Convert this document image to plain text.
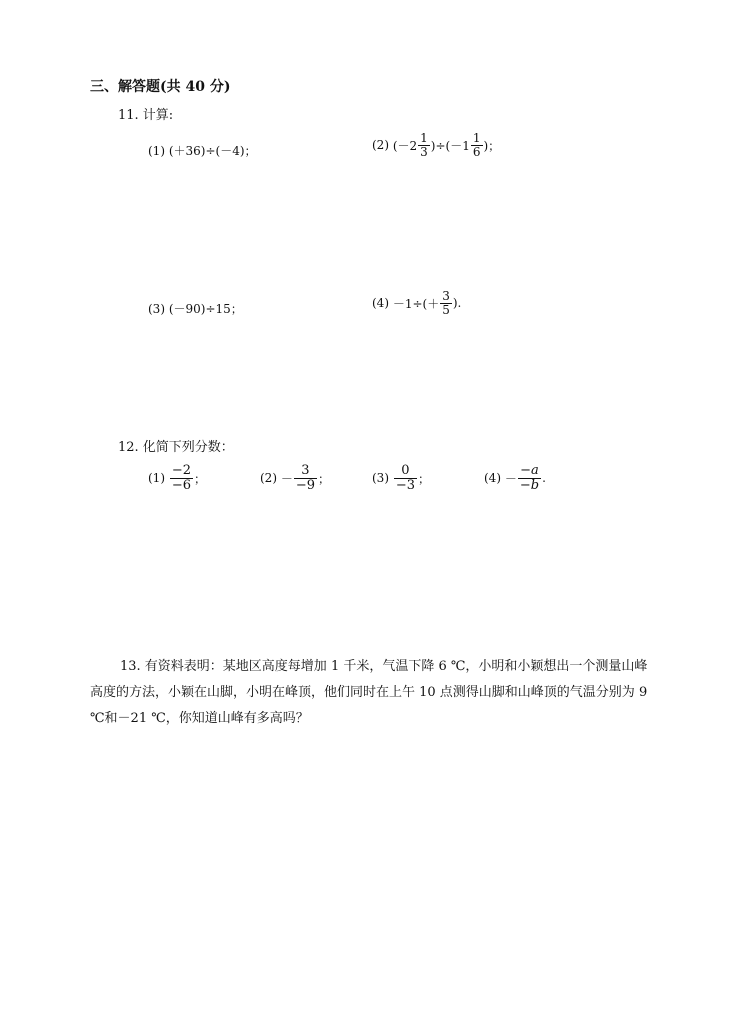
三、解答题(共 40 分)
11. 计算:
(1)
(＋36)÷(－4)；	(2)
$(-2 \frac{1}{3} )\div(-1 \frac{1}{6}$ )；
(3)
(－90)÷15；	(4)
$-1\div(+ \frac{3}{5}$ ).
12. 化简下列分数：
(1)
$\frac{-2}{-6}$ ；	(2)
－ $\frac{3}{-9}$ ；	(3)
$\frac{0}{-3}$ ；	(4)
－ $\frac{-a}{-b}$ .
13. 有资料表明：某地区高度每增加 1 千米，气温下降 6 ℃，小明和小颖想出一个测量山峰高度的方法，小颖在山脚，小明在峰顶，他们同时在上午 10 点测得山脚和山峰顶的气温分别为 9 ℃和－21 ℃，你知道山峰有多高吗？
